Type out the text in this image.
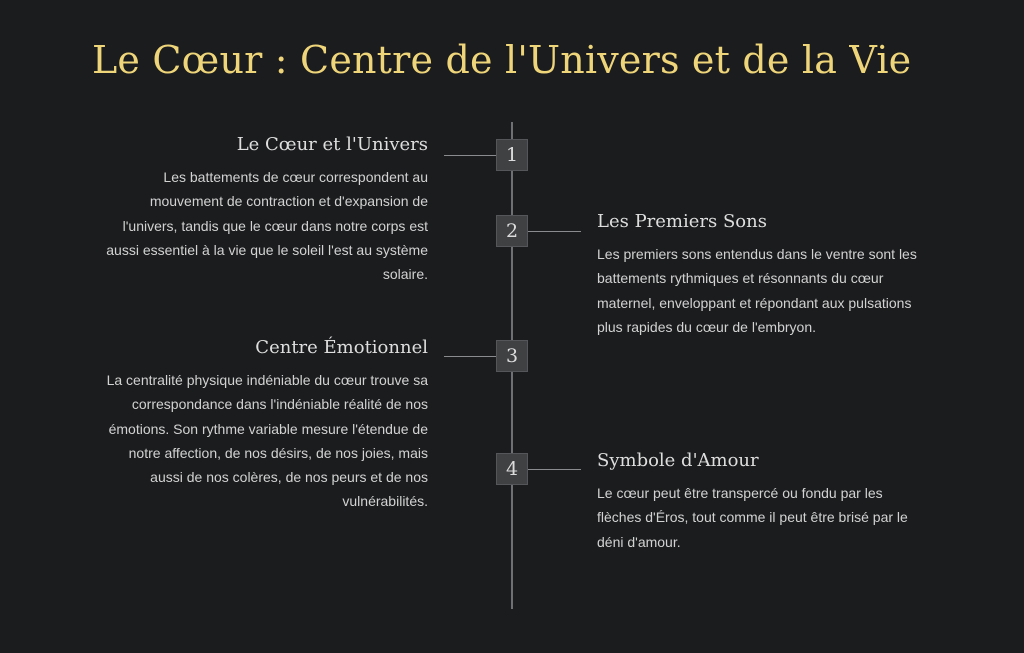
Le Cœur : Centre de l'Univers et de la Vie
1
Le Cœur et l'Univers

Les battements de cœur correspondent au mouvement de contraction et d'expansion de l'univers, tandis que le cœur dans notre corps est aussi essentiel à la vie que le soleil l'est au système solaire.

2	Les Premiers Sons

Les premiers sons entendus dans le ventre sont les battements rythmiques et résonnants du cœur maternel, enveloppant et répondant aux pulsations plus rapides du cœur de l'embryon.

3
Centre Émotionnel

La centralité physique indéniable du cœur trouve sa correspondance dans l'indéniable réalité de nos émotions. Son rythme variable mesure l'étendue de notre affection, de nos désirs, de nos joies, mais aussi de nos colères, de nos peurs et de nos vulnérabilités.

4	Symbole d'Amour

Le cœur peut être transpercé ou fondu par les flèches d'Éros, tout comme il peut être brisé par le déni d'amour.
